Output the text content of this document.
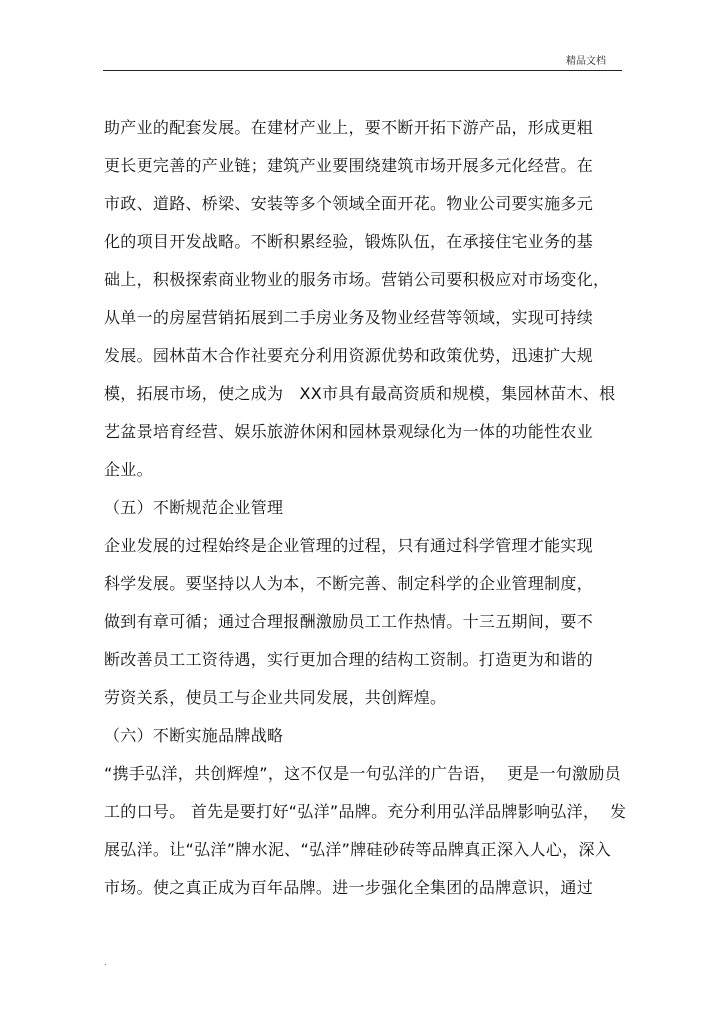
精品文档
助产业的配套发展。在建材产业上，要不断开拓下游产品，形成更粗
更长更完善的产业链；建筑产业要围绕建筑市场开展多元化经营。在
市政、道路、桥梁、安装等多个领域全面开花。物业公司要实施多元
化的项目开发战略。不断积累经验，锻炼队伍，在承接住宅业务的基
础上，积极探索商业物业的服务市场。营销公司要积极应对市场变化，
从单一的房屋营销拓展到二手房业务及物业经营等领域，实现可持续
发展。园林苗木合作社要充分利用资源优势和政策优势，迅速扩大规
模，拓展市场，使之成为   XX市具有最高资质和规模，集园林苗木、根
艺盆景培育经营、娱乐旅游休闲和园林景观绿化为一体的功能性农业
企业。
（五）不断规范企业管理
企业发展的过程始终是企业管理的过程，只有通过科学管理才能实现
科学发展。要坚持以人为本，不断完善、制定科学的企业管理制度，
做到有章可循；通过合理报酬激励员工工作热情。十三五期间，要不
断改善员工工资待遇，实行更加合理的结构工资制。打造更为和谐的
劳资关系，使员工与企业共同发展，共创辉煌。
（六）不断实施品牌战略
“携手弘洋，共创辉煌”，这不仅是一句弘洋的广告语，  更是一句激励员
工的口号。 首先是要打好“弘洋”品牌。充分利用弘洋品牌影响弘洋，  发
展弘洋。让“弘洋”牌水泥、“弘洋”牌硅砂砖等品牌真正深入人心，深入
市场。使之真正成为百年品牌。进一步强化全集团的品牌意识，通过
.
